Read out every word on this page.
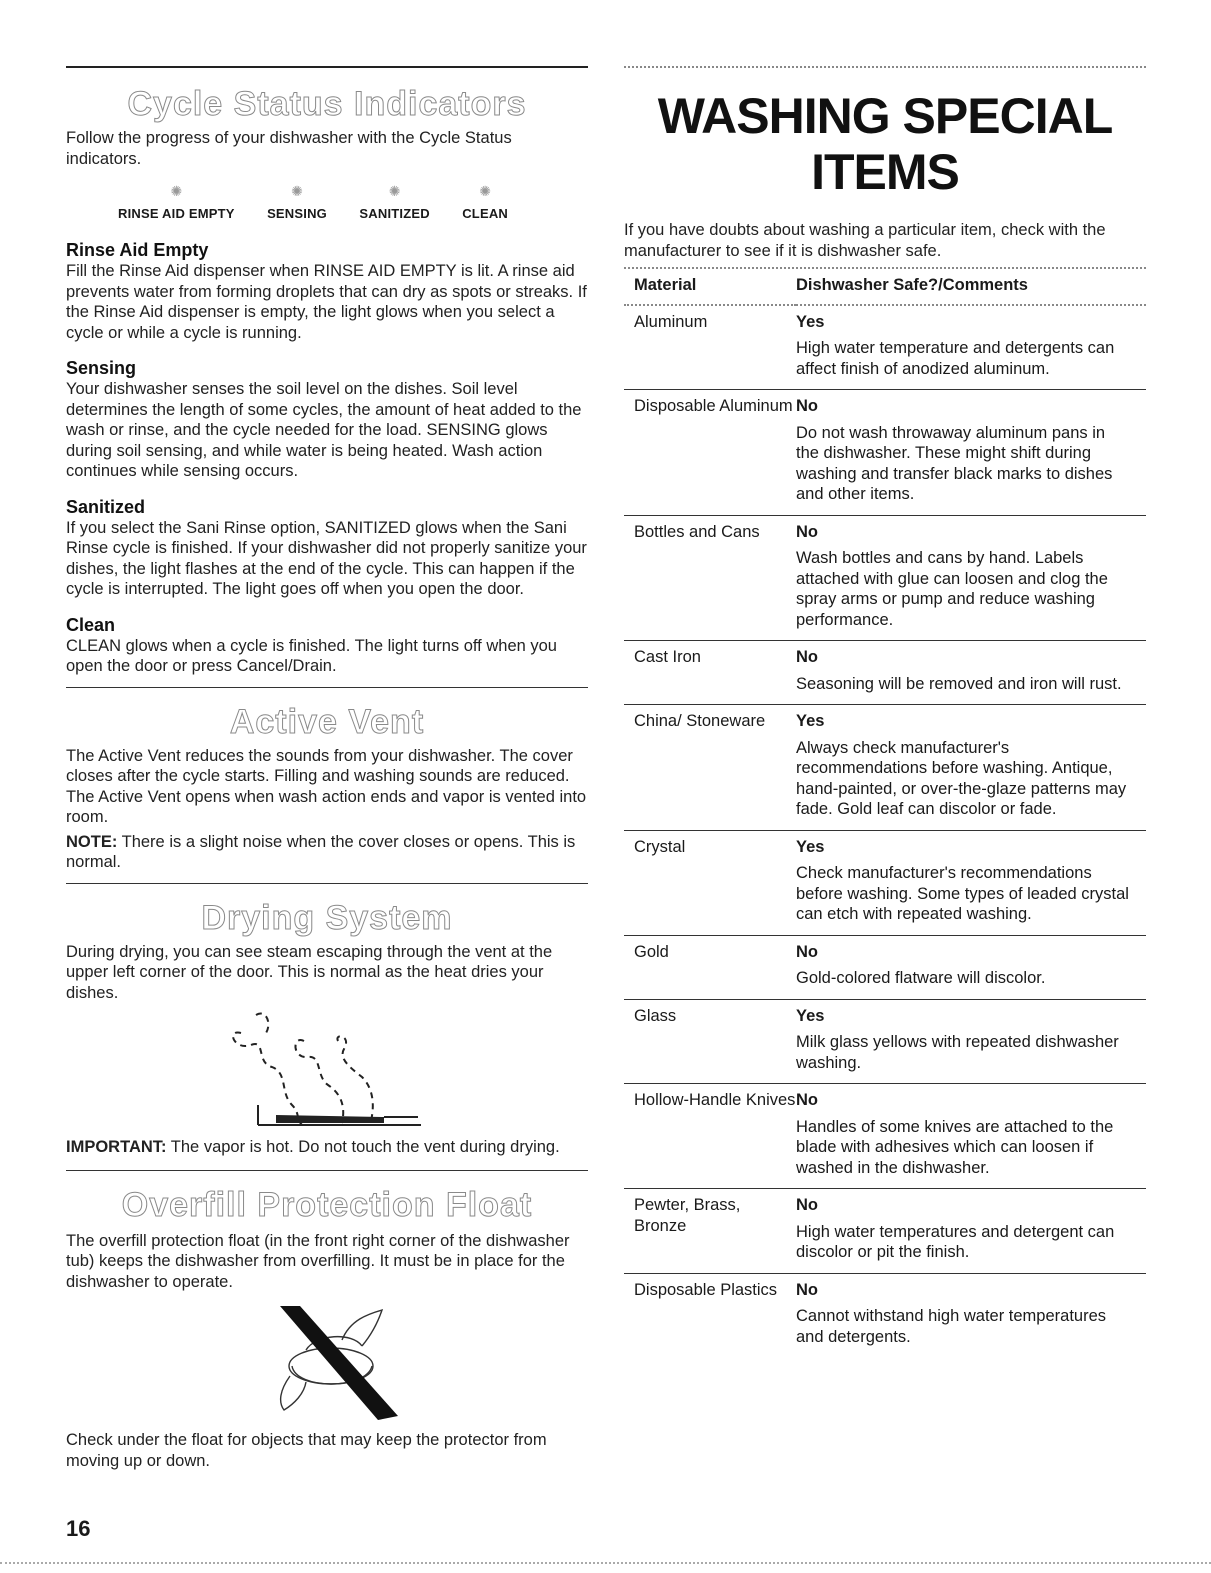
Cycle Status Indicators

Follow the progress of your dishwasher with the Cycle Status indicators.

✺
RINSE AID EMPTY
✺
SENSING
✺
SANITIZED
✺
CLEAN
Rinse Aid Empty

Fill the Rinse Aid dispenser when RINSE AID EMPTY is lit. A rinse aid prevents water from forming droplets that can dry as spots or streaks. If the Rinse Aid dispenser is empty, the light glows when you select a cycle or while a cycle is running.

Sensing

Your dishwasher senses the soil level on the dishes. Soil level determines the length of some cycles, the amount of heat added to the wash or rinse, and the cycle needed for the load. SENSING glows during soil sensing, and while water is being heated. Wash action continues while sensing occurs.

Sanitized

If you select the Sani Rinse option, SANITIZED glows when the Sani Rinse cycle is finished. If your dishwasher did not properly sanitize your dishes, the light flashes at the end of the cycle. This can happen if the cycle is interrupted. The light goes off when you open the door.

Clean

CLEAN glows when a cycle is finished. The light turns off when you open the door or press Cancel/Drain.

Active Vent

The Active Vent reduces the sounds from your dishwasher. The cover closes after the cycle starts. Filling and washing sounds are reduced. The Active Vent opens when wash action ends and vapor is vented into room.

NOTE: There is a slight noise when the cover closes or opens. This is normal.

Drying System

During drying, you can see steam escaping through the vent at the upper left corner of the door. This is normal as the heat dries your dishes.

IMPORTANT: The vapor is hot. Do not touch the vent during drying.

Overfill Protection Float

The overfill protection float (in the front right corner of the dishwasher tub) keeps the dishwasher from overfilling. It must be in place for the dishwasher to operate.

Check under the float for objects that may keep the protector from moving up or down.

WASHING SPECIAL
ITEMS

If you have doubts about washing a particular item, check with the manufacturer to see if it is dishwasher safe.

Material	Dishwasher Safe?/Comments
Aluminum	Yes
High water temperature and detergents can affect finish of anodized aluminum.

Disposable Aluminum	No
Do not wash throwaway aluminum pans in the dishwasher. These might shift during washing and transfer black marks to dishes and other items.

Bottles and Cans	No
Wash bottles and cans by hand. Labels attached with glue can loosen and clog the spray arms or pump and reduce washing performance.

Cast Iron	No
Seasoning will be removed and iron will rust.

China/ Stoneware	Yes
Always check manufacturer's recommendations before washing. Antique, hand-painted, or over-the-glaze patterns may fade. Gold leaf can discolor or fade.

Crystal	Yes
Check manufacturer's recommendations before washing. Some types of leaded crystal can etch with repeated washing.

Gold	No
Gold-colored flatware will discolor.

Glass	Yes
Milk glass yellows with repeated dishwasher washing.

Hollow-Handle Knives	No
Handles of some knives are attached to the blade with adhesives which can loosen if washed in the dishwasher.

Pewter, Brass, Bronze	No
High water temperatures and detergent can discolor or pit the finish.

Disposable Plastics	No
Cannot withstand high water temperatures and detergents.
16
